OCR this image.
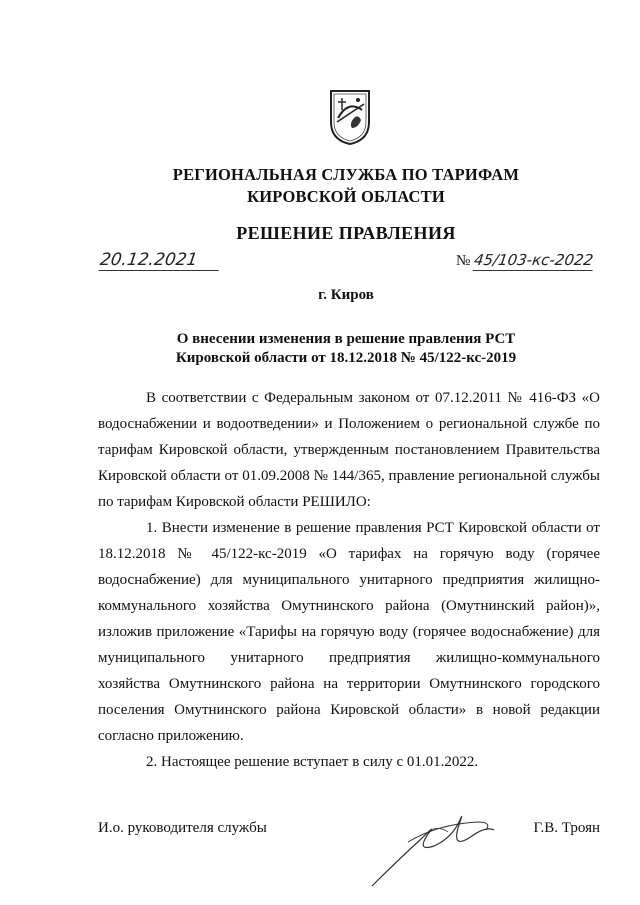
РЕГИОНАЛЬНАЯ СЛУЖБА ПО ТАРИФАМ
КИРОВСКОЙ ОБЛАСТИ
РЕШЕНИЕ ПРАВЛЕНИЯ
20.12.2021	№ 45/103-кс-2022
г. Киров
О внесении изменения в решение правления РСТ
Кировской области от 18.12.2018 № 45/122-кс-2019

В соответствии с Федеральным законом от 07.12.2011 № 416-ФЗ «О водоснабжении и водоотведении» и Положением о региональной службе по тарифам Кировской области, утвержденным постановлением Правительства Кировской области от 01.09.2008 № 144/365, правление региональной службы по тарифам Кировской области РЕШИЛО:

1. Внести изменение в решение правления РСТ Кировской области от 18.12.2018 № 45/122-кс-2019 «О тарифах на горячую воду (горячее водоснабжение) для муниципального унитарного предприятия жилищно-коммунального хозяйства Омутнинского района (Омутнинский район)», изложив приложение «Тарифы на горячую воду (горячее водоснабжение) для муниципального унитарного предприятия жилищно-коммунального хозяйства Омутнинского района на территории Омутнинского городского поселения Омутнинского района Кировской области» в новой редакции согласно приложению.

2. Настоящее решение вступает в силу с 01.01.2022.

И.о. руководителя службы	Г.В. Троян
